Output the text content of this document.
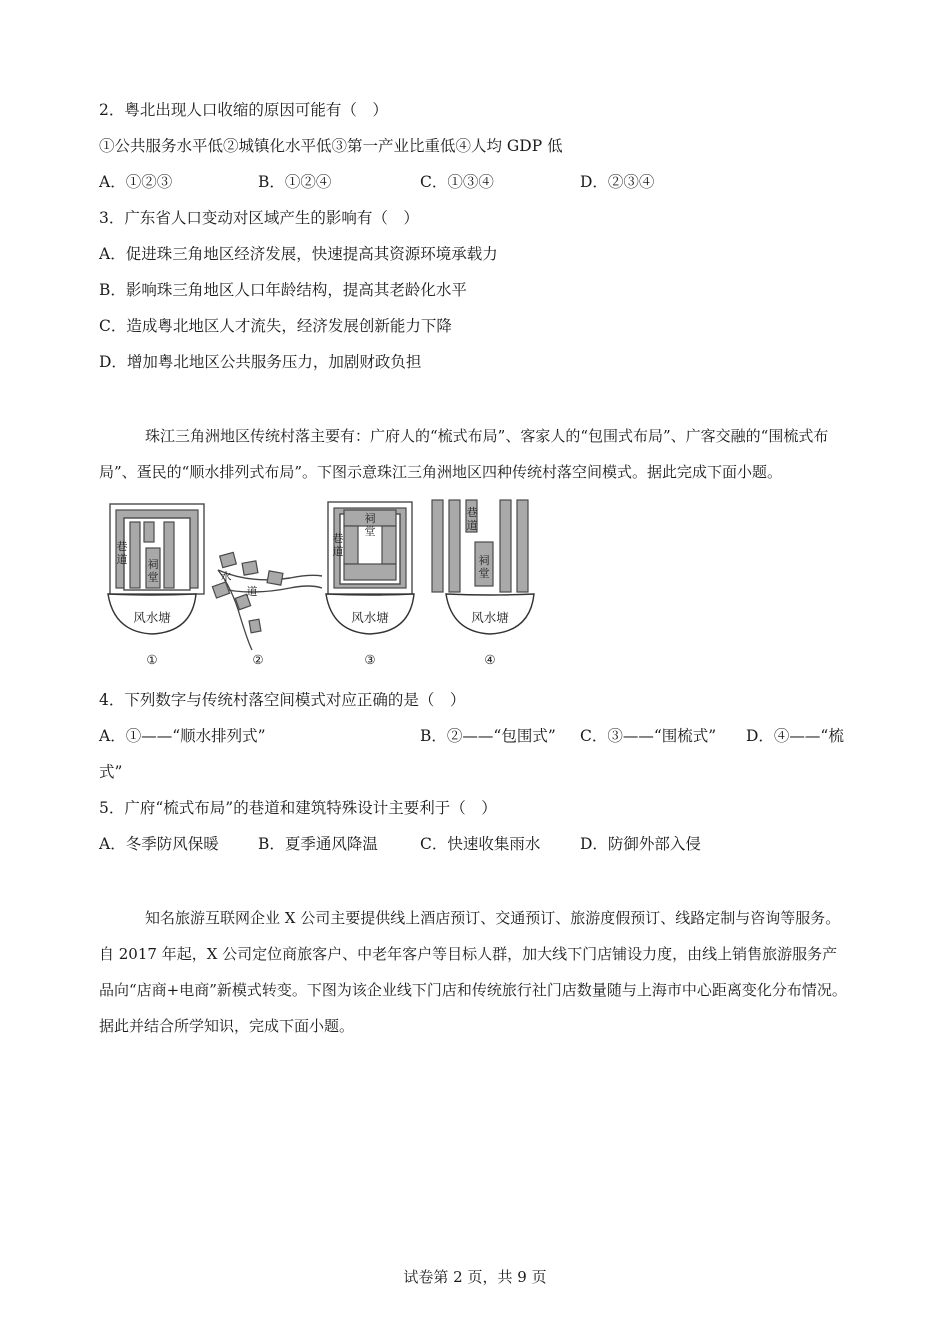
2．粤北出现人口收缩的原因可能有（　）
①公共服务水平低②城镇化水平低③第一产业比重低④人均 GDP 低
A．①②③	B．①②④	C．①③④	D．②③④
3．广东省人口变动对区域产生的影响有（　）
A．促进珠三角地区经济发展，快速提高其资源环境承载力
B．影响珠三角地区人口年龄结构，提高其老龄化水平
C．造成粤北地区人才流失，经济发展创新能力下降
D．增加粤北地区公共服务压力，加剧财政负担
珠江三角洲地区传统村落主要有：广府人的“梳式布局”、客家人的“包围式布局”、广客交融的“围梳式布局”、疍民的“顺水排列式布局”。下图示意珠江三角洲地区四种传统村落空间模式。据此完成下面小题。
巷道 祠堂
风水塘
①
水
道
②
祠堂
巷道
风水塘
③
巷道
祠堂
风水塘
④
4．下列数字与传统村落空间模式对应正确的是（　）
A．①——“顺水排列式”	B．②——“包围式” C．③——“围梳式” D．④——“梳
式”
5．广府“梳式布局”的巷道和建筑特殊设计主要利于（　）
A．冬季防风保暖	B．夏季通风降温	C．快速收集雨水	D．防御外部入侵
知名旅游互联网企业 X 公司主要提供线上酒店预订、交通预订、旅游度假预订、线路定制与咨询等服务。自 2017 年起，X 公司定位商旅客户、中老年客户等目标人群，加大线下门店铺设力度，由线上销售旅游服务产品向“店商+电商”新模式转变。下图为该企业线下门店和传统旅行社门店数量随与上海市中心距离变化分布情况。据此并结合所学知识，完成下面小题。
试卷第 2 页，共 9 页
